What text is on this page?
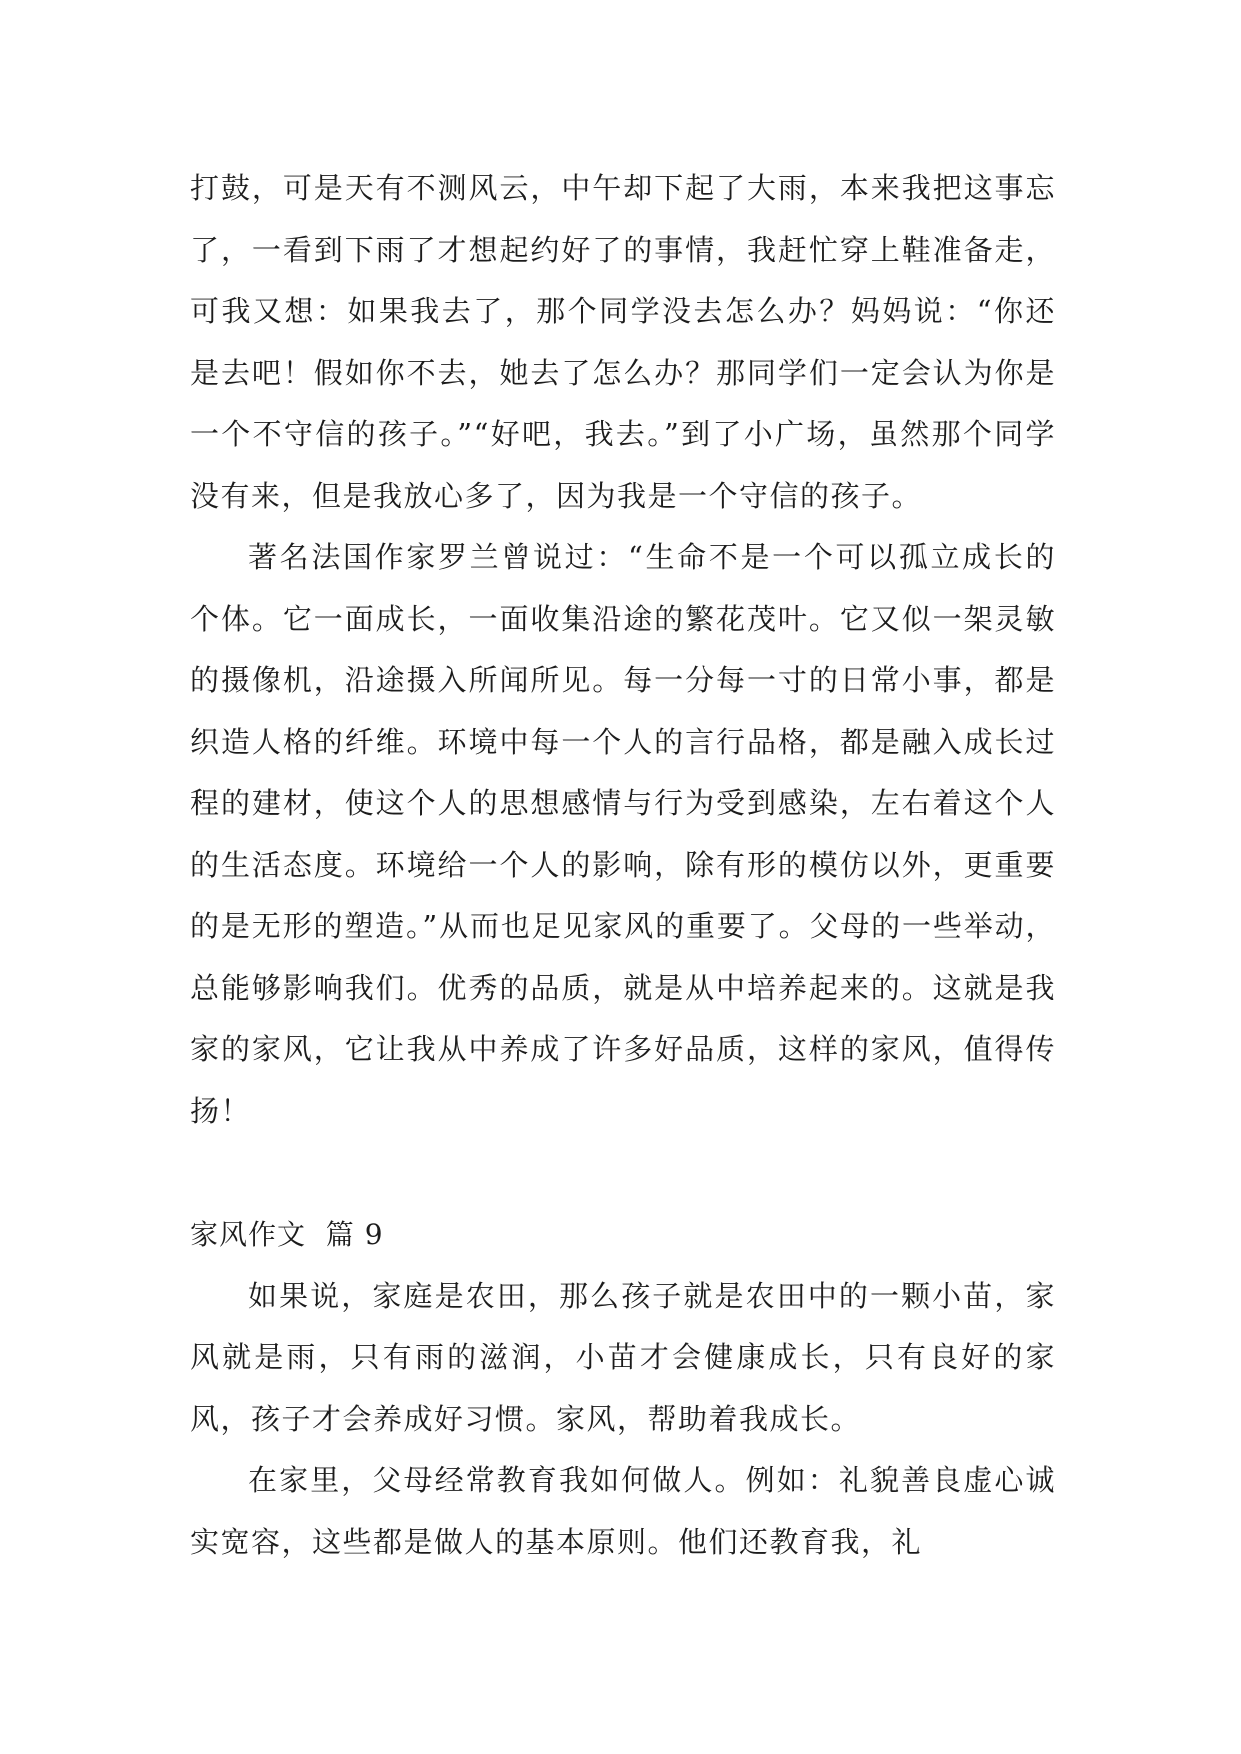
打鼓，可是天有不测风云，中午却下起了大雨，本来我把这事忘了，一看到下雨了才想起约好了的事情，我赶忙穿上鞋准备走，可我又想：如果我去了，那个同学没去怎么办？妈妈说：“你还是去吧！假如你不去，她去了怎么办？那同学们一定会认为你是一个不守信的孩子。”“好吧，我去。”到了小广场，虽然那个同学没有来，但是我放心多了，因为我是一个守信的孩子。

著名法国作家罗兰曾说过：“生命不是一个可以孤立成长的个体。它一面成长，一面收集沿途的繁花茂叶。它又似一架灵敏的摄像机，沿途摄入所闻所见。每一分每一寸的日常小事，都是织造人格的纤维。环境中每一个人的言行品格，都是融入成长过程的建材，使这个人的思想感情与行为受到感染，左右着这个人的生活态度。环境给一个人的影响，除有形的模仿以外，更重要的是无形的塑造。”从而也足见家风的重要了。父母的一些举动，总能够影响我们。优秀的品质，就是从中培养起来的。这就是我家的家风，它让我从中养成了许多好品质，这样的家风，值得传扬！

家风作文  篇 9

如果说，家庭是农田，那么孩子就是农田中的一颗小苗，家风就是雨，只有雨的滋润，小苗才会健康成长，只有良好的家风，孩子才会养成好习惯。家风，帮助着我成长。

在家里，父母经常教育我如何做人。例如：礼貌善良虚心诚实宽容，这些都是做人的基本原则。他们还教育我，礼
